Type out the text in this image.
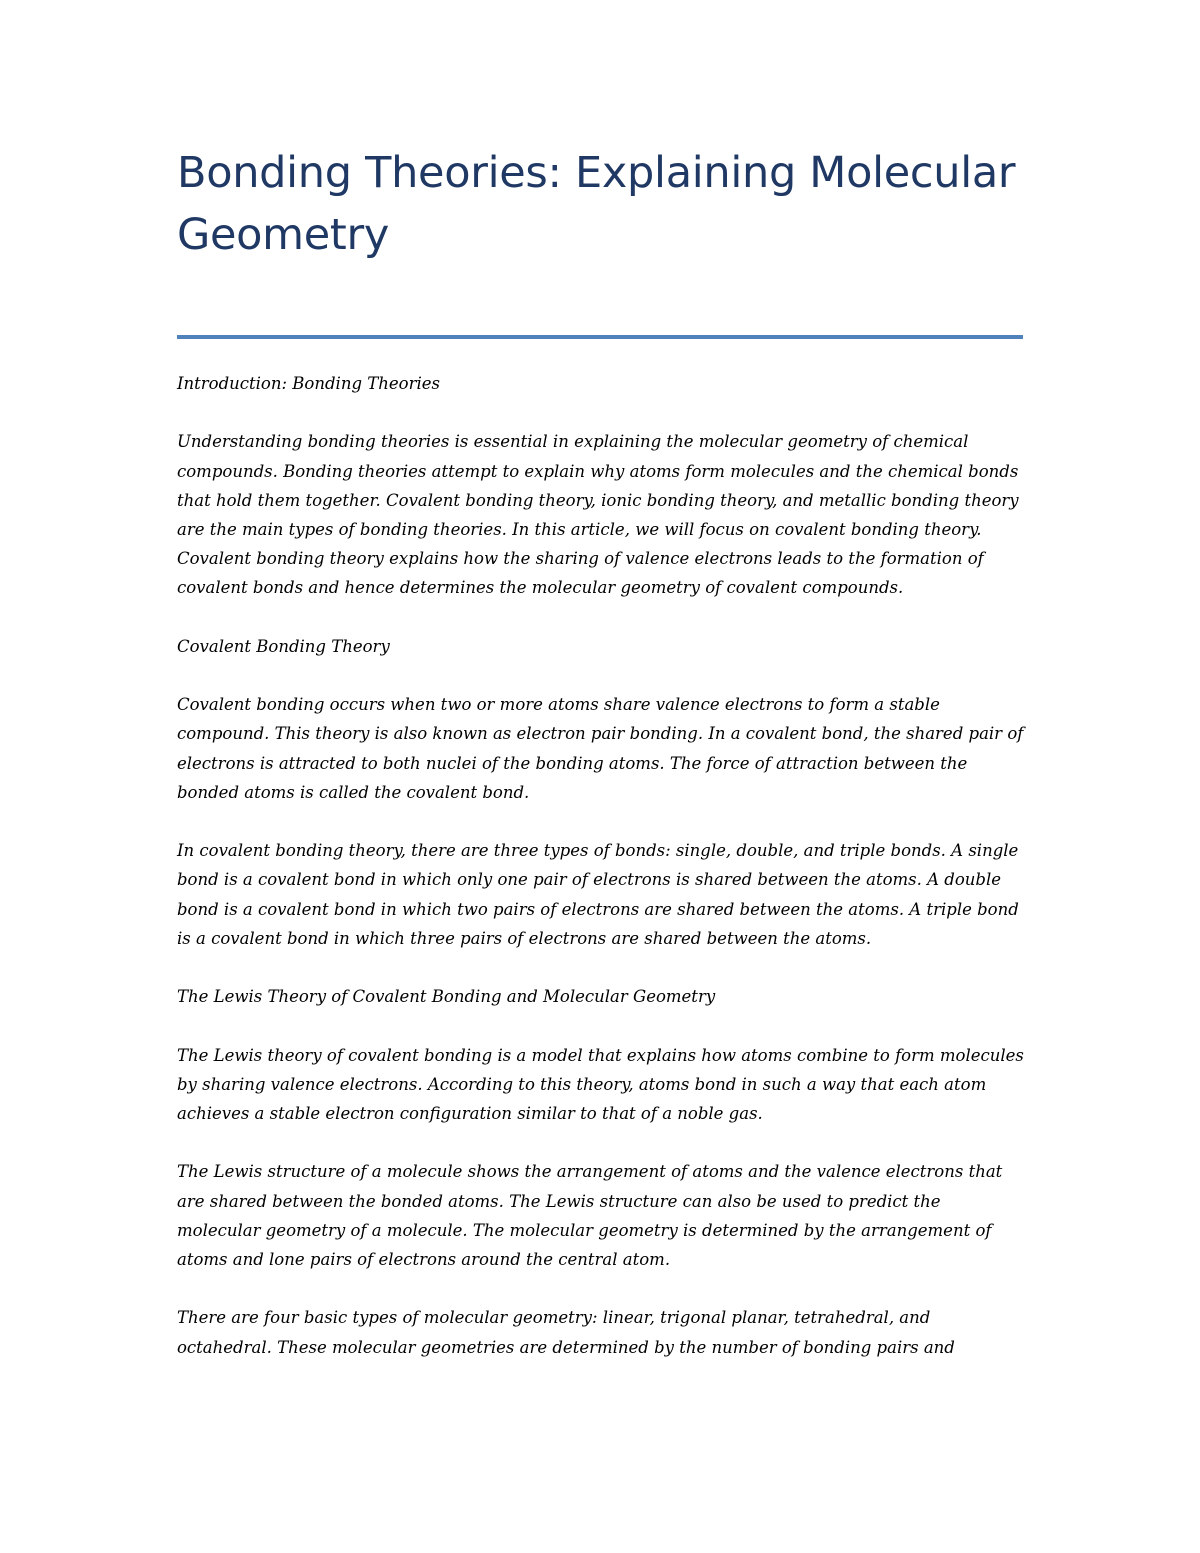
Bonding Theories: Explaining Molecular Geometry

Introduction: Bonding Theories

Understanding bonding theories is essential in explaining the molecular geometry of chemical compounds. Bonding theories attempt to explain why atoms form molecules and the chemical bonds that hold them together. Covalent bonding theory, ionic bonding theory, and metallic bonding theory are the main types of bonding theories. In this article, we will focus on covalent bonding theory. Covalent bonding theory explains how the sharing of valence electrons leads to the formation of covalent bonds and hence determines the molecular geometry of covalent compounds.

Covalent Bonding Theory

Covalent bonding occurs when two or more atoms share valence electrons to form a stable compound. This theory is also known as electron pair bonding. In a covalent bond, the shared pair of electrons is attracted to both nuclei of the bonding atoms. The force of attraction between the bonded atoms is called the covalent bond.

In covalent bonding theory, there are three types of bonds: single, double, and triple bonds. A single bond is a covalent bond in which only one pair of electrons is shared between the atoms. A double bond is a covalent bond in which two pairs of electrons are shared between the atoms. A triple bond is a covalent bond in which three pairs of electrons are shared between the atoms.

The Lewis Theory of Covalent Bonding and Molecular Geometry

The Lewis theory of covalent bonding is a model that explains how atoms combine to form molecules by sharing valence electrons. According to this theory, atoms bond in such a way that each atom achieves a stable electron configuration similar to that of a noble gas.

The Lewis structure of a molecule shows the arrangement of atoms and the valence electrons that are shared between the bonded atoms. The Lewis structure can also be used to predict the molecular geometry of a molecule. The molecular geometry is determined by the arrangement of atoms and lone pairs of electrons around the central atom.

There are four basic types of molecular geometry: linear, trigonal planar, tetrahedral, and octahedral. These molecular geometries are determined by the number of bonding pairs and
